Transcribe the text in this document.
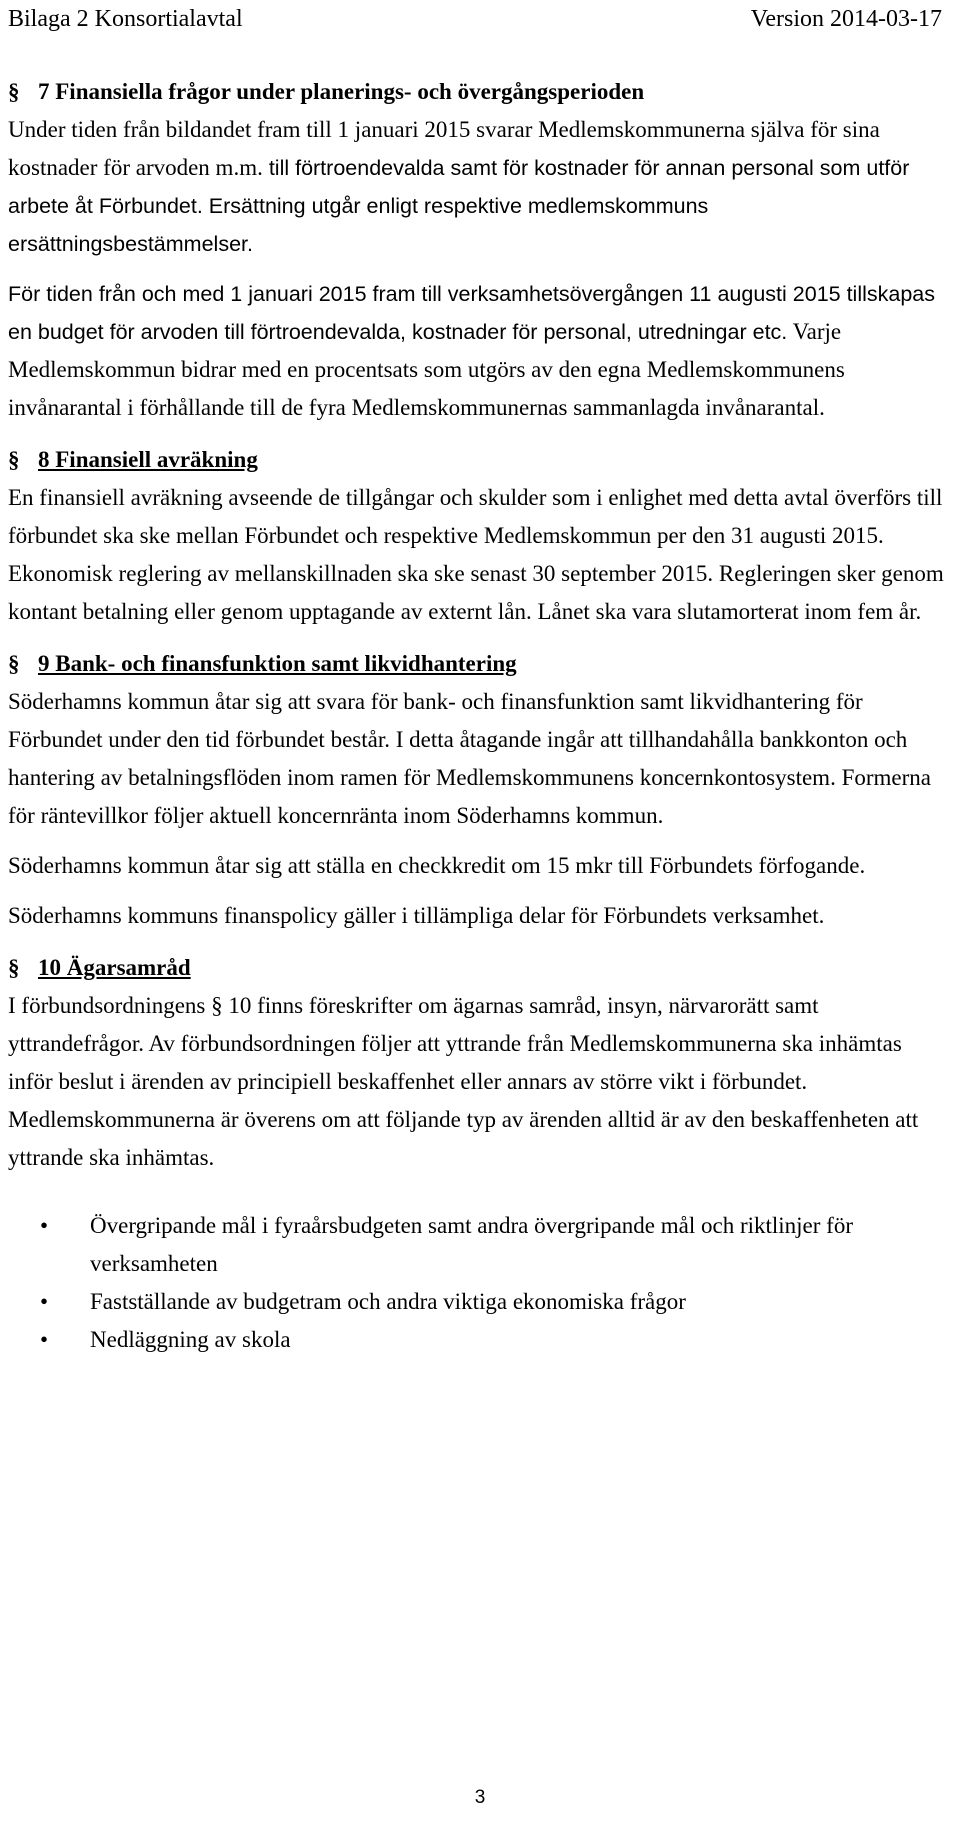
Bilaga 2 Konsortialavtal	Version 2014-03-17
§ 7 Finansiella frågor under planerings- och övergångsperioden

Under tiden från bildandet fram till 1 januari 2015 svarar Medlemskommunerna själva för sina kostnader för arvoden m.m. till förtroendevalda samt för kostnader för annan personal som utför arbete åt Förbundet. Ersättning utgår enligt respektive medlemskommuns ersättningsbestämmelser.

För tiden från och med 1 januari 2015 fram till verksamhetsövergången 11 augusti 2015 tillskapas en budget för arvoden till förtroendevalda, kostnader för personal, utredningar etc. Varje Medlemskommun bidrar med en procentsats som utgörs av den egna Medlemskommunens invånarantal i förhållande till de fyra Medlemskommunernas sammanlagda invånarantal.

§ 8 Finansiell avräkning

En finansiell avräkning avseende de tillgångar och skulder som i enlighet med detta avtal överförs till förbundet ska ske mellan Förbundet och respektive Medlemskommun per den 31 augusti 2015. Ekonomisk reglering av mellanskillnaden ska ske senast 30 september 2015. Regleringen sker genom kontant betalning eller genom upptagande av externt lån. Lånet ska vara slutamorterat inom fem år.

§ 9 Bank- och finansfunktion samt likvidhantering

Söderhamns kommun åtar sig att svara för bank- och finansfunktion samt likvidhantering för Förbundet under den tid förbundet består. I detta åtagande ingår att tillhandahålla bankkonton och hantering av betalningsflöden inom ramen för Medlemskommunens koncernkontosystem. Formerna för räntevillkor följer aktuell koncernränta inom Söderhamns kommun.

Söderhamns kommun åtar sig att ställa en checkkredit om 15 mkr till Förbundets förfogande.

Söderhamns kommuns finanspolicy gäller i tillämpliga delar för Förbundets verksamhet.

§ 10 Ägarsamråd

I förbundsordningens § 10 finns föreskrifter om ägarnas samråd, insyn, närvarorätt samt yttrandefrågor. Av förbundsordningen följer att yttrande från Medlemskommunerna ska inhämtas inför beslut i ärenden av principiell beskaffenhet eller annars av större vikt i förbundet.

Medlemskommunerna är överens om att följande typ av ärenden alltid är av den beskaffenheten att yttrande ska inhämtas.

• Övergripande mål i fyraårsbudgeten samt andra övergripande mål och riktlinjer för verksamheten
• Fastställande av budgetram och andra viktiga ekonomiska frågor
• Nedläggning av skola
3
